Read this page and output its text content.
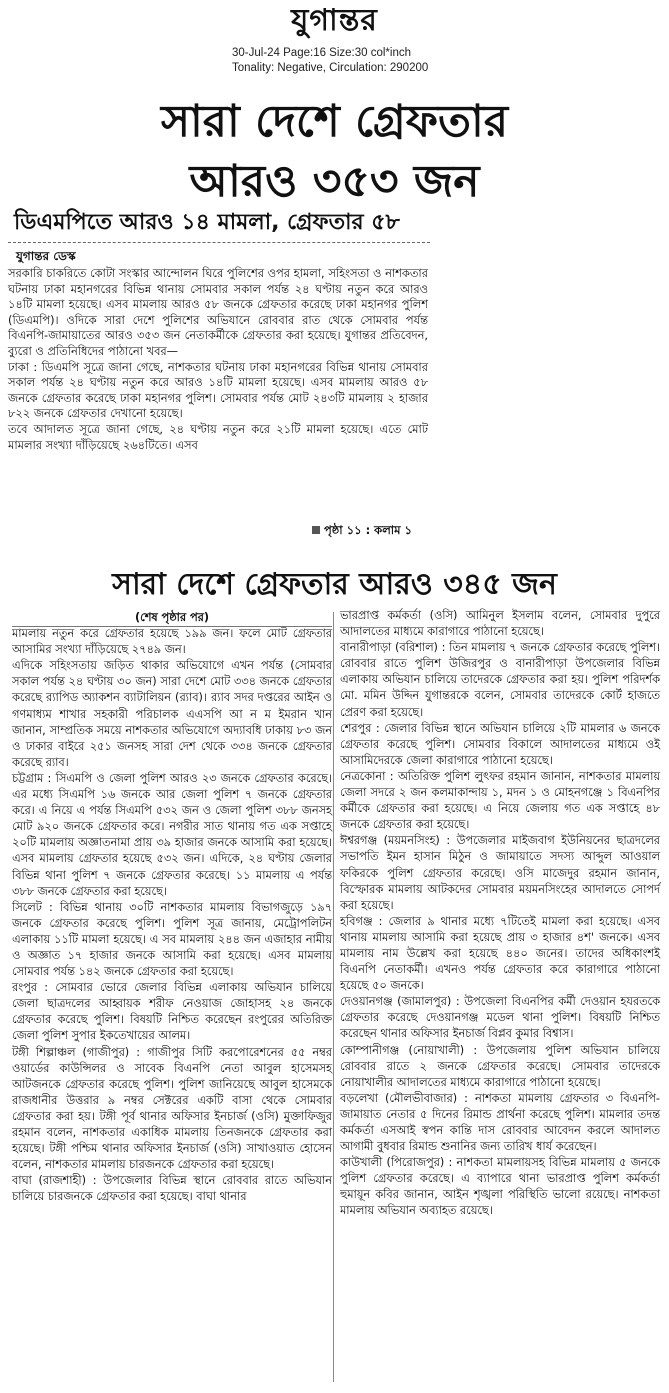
যুগান্তর
30-Jul-24 Page:16 Size:30 col*inch
Tonality: Negative, Circulation: 290200
সারা দেশে গ্রেফতার
আরও ৩৫৩ জন
ডিএমপিতে আরও ১৪ মামলা, গ্রেফতার ৫৮
যুগান্তর ডেস্ক

সরকারি চাকরিতে কোটা সংস্কার আন্দোলন ঘিরে পুলিশের ওপর হামলা, সহিংসতা ও নাশকতার ঘটনায় ঢাকা মহানগরের বিভিন্ন থানায় সোমবার সকাল পর্যন্ত ২৪ ঘণ্টায় নতুন করে আরও ১৪টি মামলা হয়েছে। এসব মামলায় আরও ৫৮ জনকে গ্রেফতার করেছে ঢাকা মহানগর পুলিশ (ডিএমপি)। ওদিকে সারা দেশে পুলিশের অভিযানে রোববার রাত থেকে সোমবার পর্যন্ত বিএনপি-জামায়াতের আরও ৩৫৩ জন নেতাকর্মীকে গ্রেফতার করা হয়েছে। যুগান্তর প্রতিবেদন, ব্যুরো ও প্রতিনিধিদের পাঠানো খবর—

ঢাকা : ডিএমপি সূত্রে জানা গেছে, নাশকতার ঘটনায় ঢাকা মহানগরের বিভিন্ন থানায় সোমবার সকাল পর্যন্ত ২৪ ঘণ্টায় নতুন করে আরও ১৪টি মামলা হয়েছে। এসব মামলায় আরও ৫৮ জনকে গ্রেফতার করেছে ঢাকা মহানগর পুলিশ। সোমবার পর্যন্ত মোট ২৪৩টি মামলায় ২ হাজার ৮২২ জনকে গ্রেফতার দেখানো হয়েছে।

তবে আদালত সূত্রে জানা গেছে, ২৪ ঘণ্টায় নতুন করে ২১টি মামলা হয়েছে। এতে মোট মামলার সংখ্যা দাঁড়িয়েছে ২৬৪টিতে। এসব

পৃষ্ঠা ১১ : কলাম ১
সারা দেশে গ্রেফতার আরও ৩৪৫ জন
(শেষ পৃষ্ঠার পর)

মামলায় নতুন করে গ্রেফতার হয়েছে ১৯৯ জন। ফলে মোট গ্রেফতার আসামির সংখ্যা দাঁড়িয়েছে ২৭৪৯ জন।

এদিকে সহিংসতায় জড়িত থাকার অভিযোগে এখন পর্যন্ত (সোমবার সকাল পর্যন্ত ২৪ ঘণ্টায় ৩০ জন) সারা দেশে মোট ৩৩৪ জনকে গ্রেফতার করেছে র‌্যাপিড অ্যাকশন ব্যাটালিয়ন (র‌্যাব)। র‌্যাব সদর দপ্তরের আইন ও গণমাধ্যম শাখার সহকারী পরিচালক এএসপি আ ন ম ইমরান খান জানান, সাম্প্রতিক সময়ে নাশকতার অভিযোগে অদ্যাবধি ঢাকায় ৮৩ জন ও ঢাকার বাইরে ২৫১ জনসহ সারা দেশ থেকে ৩৩৪ জনকে গ্রেফতার করেছে র‌্যাব।

চট্টগ্রাম : সিএমপি ও জেলা পুলিশ আরও ২৩ জনকে গ্রেফতার করেছে। এর মধ্যে সিএমপি ১৬ জনকে আর জেলা পুলিশ ৭ জনকে গ্রেফতার করে। এ নিয়ে এ পর্যন্ত সিএমপি ৫৩২ জন ও জেলা পুলিশ ৩৮৮ জনসহ মোট ৯২০ জনকে গ্রেফতার করে। নগরীর সাত থানায় গত এক সপ্তাহে ২০টি মামলায় অজ্ঞাতনামা প্রায় ৩৯ হাজার জনকে আসামি করা হয়েছে। এসব মামলায় গ্রেফতার হয়েছে ৫৩২ জন। এদিকে, ২৪ ঘণ্টায় জেলার বিভিন্ন থানা পুলিশ ৭ জনকে গ্রেফতার করেছে। ১১ মামলায় এ পর্যন্ত ৩৮৮ জনকে গ্রেফতার করা হয়েছে।

সিলেট : বিভিন্ন থানায় ৩০টি নাশকতার মামলায় বিভাগজুড়ে ১৯৭ জনকে গ্রেফতার করেছে পুলিশ। পুলিশ সূত্র জানায়, মেট্রোপলিটন এলাকায় ১১টি মামলা হয়েছে। এ সব মামলায় ২৪৪ জন এজাহার নামীয় ও অজ্ঞাত ১৭ হাজার জনকে আসামি করা হয়েছে। এসব মামলায় সোমবার পর্যন্ত ১৪২ জনকে গ্রেফতার করা হয়েছে।

রংপুর : সোমবার ভোরে জেলার বিভিন্ন এলাকায় অভিযান চালিয়ে জেলা ছাত্রদলের আহ্বায়ক শরীফ নেওয়াজ জোহাসহ ২৪ জনকে গ্রেফতার করেছে পুলিশ। বিষয়টি নিশ্চিত করেছেন রংপুরের অতিরিক্ত জেলা পুলিশ সুপার ইকতেখায়ের আলম।

টঙ্গী শিল্পাঞ্চল (গাজীপুর) : গাজীপুর সিটি করপোরেশনের ৫৫ নম্বর ওয়ার্ডের কাউন্সিলর ও সাবেক বিএনপি নেতা আবুল হাসেমসহ আটজনকে গ্রেফতার করেছে পুলিশ। পুলিশ জানিয়েছে আবুল হাসেমকে রাজধানীর উত্তরার ৯ নম্বর সেক্টরের একটি বাসা থেকে সোমবার গ্রেফতার করা হয়। টঙ্গী পূর্ব থানার অফিসার ইনচার্জ (ওসি) মুক্তাফিজুর রহমান বলেন, নাশকতার একাধিক মামলায় তিনজনকে গ্রেফতার করা হয়েছে। টঙ্গী পশ্চিম থানার অফিসার ইনচার্জ (ওসি) সাখাওয়াত হোসেন বলেন, নাশকতার মামলায় চারজনকে গ্রেফতার করা হয়েছে।

বাঘা (রাজশাহী) : উপজেলার বিভিন্ন স্থানে রোববার রাতে অভিযান চালিয়ে চারজনকে গ্রেফতার করা হয়েছে। বাঘা থানার

ভারপ্রাপ্ত কর্মকর্তা (ওসি) আমিনুল ইসলাম বলেন, সোমবার দুপুরে আদালতের মাধ্যমে কারাগারে পাঠানো হয়েছে।

বানারীপাড়া (বরিশাল) : তিন মামলায় ৭ জনকে গ্রেফতার করেছে পুলিশ। রোববার রাতে পুলিশ উজিরপুর ও বানারীপাড়া উপজেলার বিভিন্ন এলাকায় অভিযান চালিয়ে তাদেরকে গ্রেফতার করা হয়। পুলিশ পরিদর্শক মো. মমিন উদ্দিন যুগান্তরকে বলেন, সোমবার তাদেরকে কোর্ট হাজতে প্রেরণ করা হয়েছে।

শেরপুর : জেলার বিভিন্ন স্থানে অভিযান চালিয়ে ২টি মামলার ৬ জনকে গ্রেফতার করেছে পুলিশ। সোমবার বিকালে আদালতের মাধ্যমে ওই আসামিদেরকে জেলা কারাগারে পাঠানো হয়েছে।

নেত্রকোনা : অতিরিক্ত পুলিশ লুৎফর রহমান জানান, নাশকতার মামলায় জেলা সদরে ২ জন কলমাকান্দায় ১, মদন ১ ও মোহনগঞ্জে ১ বিএনপির কর্মীকে গ্রেফতার করা হয়েছে। এ নিয়ে জেলায় গত এক সপ্তাহে ৪৮ জনকে গ্রেফতার করা হয়েছে।

ঈশ্বরগঞ্জ (ময়মনসিংহ) : উপজেলার মাইজবাগ ইউনিয়নের ছাত্রদলের সভাপতি ইমন হাসান মিঠুন ও জামায়াতে সদস্য আব্দুল আওয়াল ফকিরকে পুলিশ গ্রেফতার করেছে। ওসি মাজেদুর রহমান জানান, বিস্ফোরক মামলায় আটকদের সোমবার ময়মনসিংহের আদালতে সোপর্দ করা হয়েছে।

হবিগঞ্জ : জেলার ৯ থানার মধ্যে ৭টিতেই মামলা করা হয়েছে। এসব থানায় মামলায় আসামি করা হয়েছে প্রায় ৩ হাজার ৪শ' জনকে। এসব মামলায় নাম উল্লেখ করা হয়েছে ৪৪০ জনের। তাদের অধিকাংশই বিএনপি নেতাকর্মী। এখনও পর্যন্ত গ্রেফতার করে কারাগারে পাঠানো হয়েছে ৫০ জনকে।

দেওয়ানগঞ্জ (জামালপুর) : উপজেলা বিএনপির কর্মী দেওয়ান হযরতকে গ্রেফতার করেছে দেওয়ানগঞ্জ মডেল থানা পুলিশ। বিষয়টি নিশ্চিত করেছেন থানার অফিসার ইনচার্জ বিপ্লব কুমার বিশ্বাস।

কোম্পানীগঞ্জ (নোয়াখালী) : উপজেলায় পুলিশ অভিযান চালিয়ে রোববার রাতে ২ জনকে গ্রেফতার করেছে। সোমবার তাদেরকে নোয়াখালীর আদালতের মাধ্যমে কারাগারে পাঠানো হয়েছে।

বড়লেখা (মৌলভীবাজার) : নাশকতা মামলায় গ্রেফতার ৩ বিএনপি-জামায়াত নেতার ৫ দিনের রিমান্ড প্রার্থনা করেছে পুলিশ। মামলার তদন্ত কর্মকর্তা এসআই স্বপন কান্তি দাস রোববার আবেদন করলে আদালত আগামী বুধবার রিমান্ড শুনানির জন্য তারিখ ধার্য করেছেন।

কাউখালী (পিরোজপুর) : নাশকতা মামলায়সহ বিভিন্ন মামলায় ৫ জনকে পুলিশ গ্রেফতার করেছে। এ ব্যাপারে থানা ভারপ্রাপ্ত পুলিশ কর্মকর্তা হুমায়ূন কবির জানান, আইন শৃঙ্খলা পরিস্থিতি ভালো রয়েছে। নাশকতা মামলায় অভিযান অব্যাহত রয়েছে।
